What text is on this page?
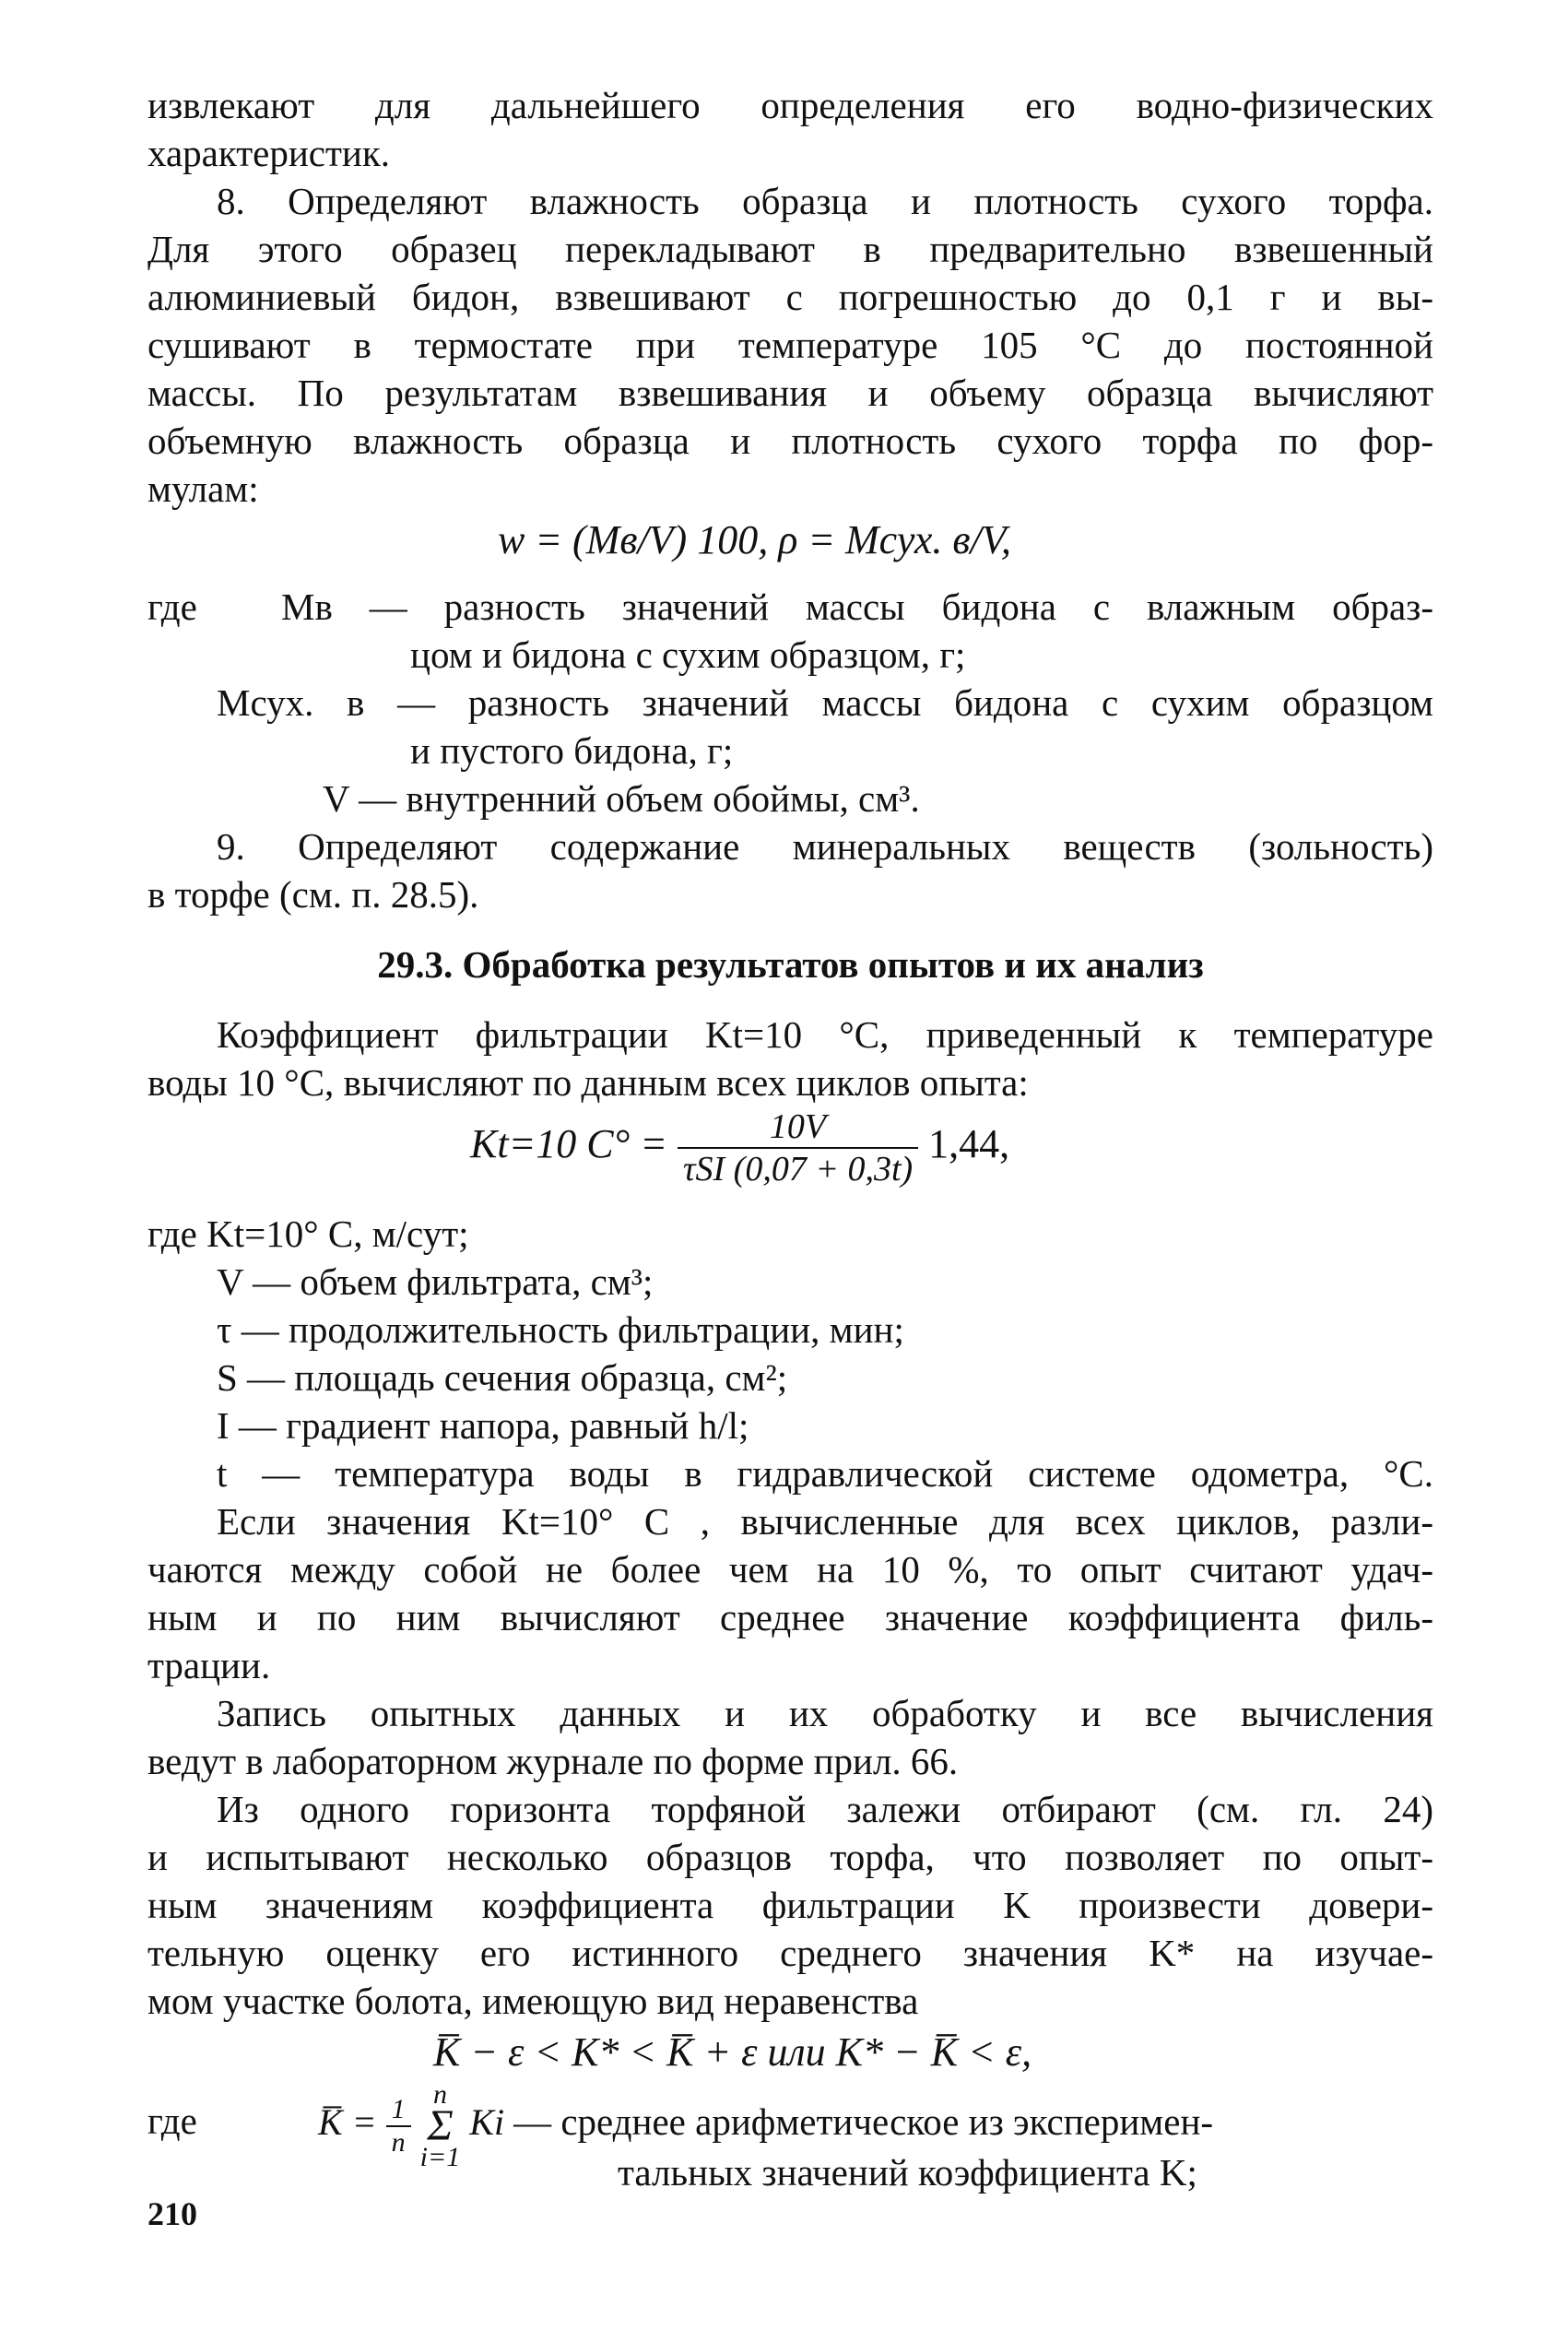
извлекают для дальнейшего определения его водно-физических
характеристик.
8. Определяют влажность образца и плотность сухого торфа.
Для этого образец перекладывают в предварительно взвешенный
алюминиевый бидон, взвешивают с погрешностью до 0,1 г и вы-
сушивают в термостате при температуре 105 °С до постоянной
массы. По результатам взвешивания и объему образца вычисляют
объемную влажность образца и плотность сухого торфа по фор-
мулам:
w = (Mв/V) 100, ρ = Mсух. в/V,
где Mв — разность значений массы бидона с влажным образ-
цом и бидона с сухим образцом, г;
Mсух. в — разность значений массы бидона с сухим образцом
и пустого бидона, г;
V — внутренний объем обоймы, см³.
9. Определяют содержание минеральных веществ (зольность)
в торфе (см. п. 28.5).
29.3. Обработка результатов опытов и их анализ
Коэффициент фильтрации Kt=10 °C, приведенный к температуре
воды 10 °С, вычисляют по данным всех циклов опыта:
Kt=10 $C^\circ = \frac{10V}{\text{τSI (0,07 + 0,3t)}} 1,44$,
где Kt=10° С, м/сут;
V — объем фильтрата, см³;
τ — продолжительность фильтрации, мин;
S — площадь сечения образца, см²;
I — градиент напора, равный h/l;
t — температура воды в гидравлической системе одометра, °С.
Если значения Kt=10° С , вычисленные для всех циклов, разли-
чаются между собой не более чем на 10 %, то опыт считают удач-
ным и по ним вычисляют среднее значение коэффициента филь-
трации.
Запись опытных данных и их обработку и все вычисления
ведут в лабораторном журнале по форме прил. 66.
Из одного горизонта торфяной залежи отбирают (см. гл. 24)
и испытывают несколько образцов торфа, что позволяет по опыт-
ным значениям коэффициента фильтрации K произвести довери-
тельную оценку его истинного среднего значения K* на изучае-
мом участке болота, имеющую вид неравенства
K̅ − ε < K* < K̅ + ε или K* − K̅ < ε,
где	K̅ = $\frac{1}{n}$ n
Σ
i=1 Ki — среднее арифметическое из эксперимен-
тальных значений коэффициента K;
210
